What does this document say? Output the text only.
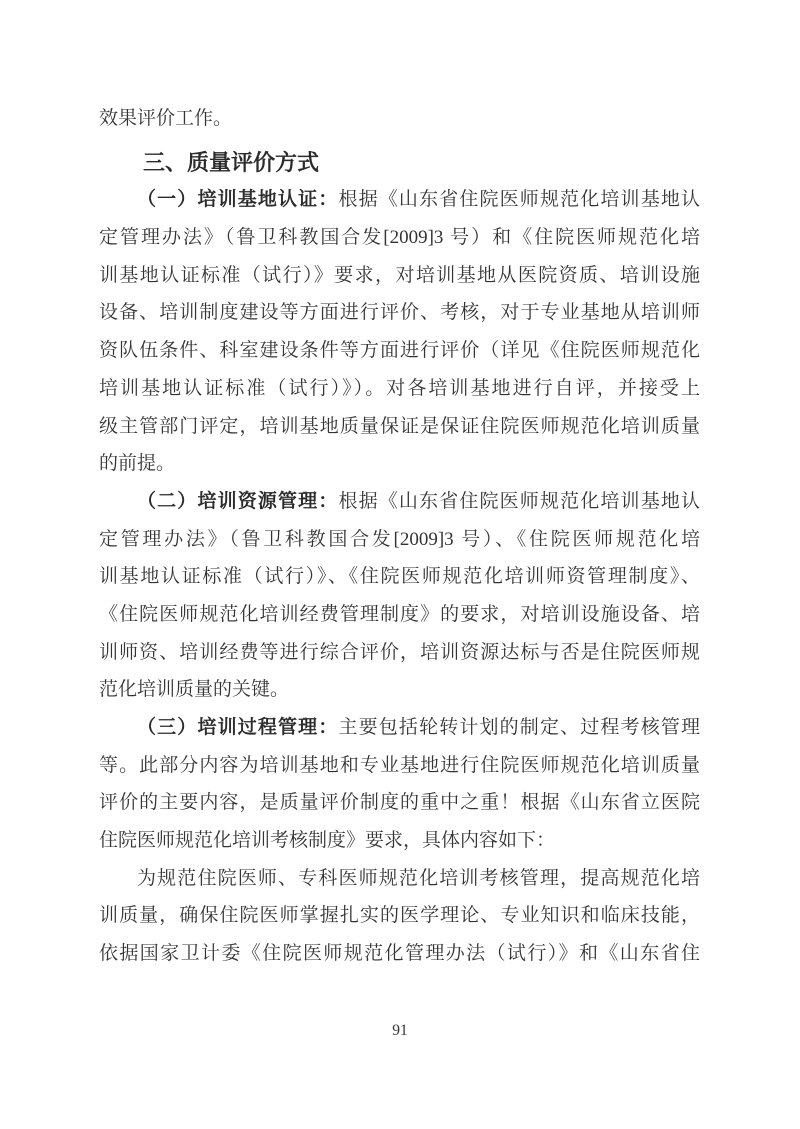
效果评价工作。
三、质量评价方式
（一）培训基地认证：根据《山东省住院医师规范化培训基地认
定管理办法》（鲁卫科教国合发[2009]3 号）和《住院医师规范化培
训基地认证标准（试行）》要求，对培训基地从医院资质、培训设施
设备、培训制度建设等方面进行评价、考核，对于专业基地从培训师
资队伍条件、科室建设条件等方面进行评价（详见《住院医师规范化
培训基地认证标准（试行）》）。对各培训基地进行自评，并接受上
级主管部门评定，培训基地质量保证是保证住院医师规范化培训质量
的前提。
（二）培训资源管理：根据《山东省住院医师规范化培训基地认
定管理办法》（鲁卫科教国合发[2009]3 号）、《住院医师规范化培
训基地认证标准（试行）》、《住院医师规范化培训师资管理制度》、
《住院医师规范化培训经费管理制度》的要求，对培训设施设备、培
训师资、培训经费等进行综合评价，培训资源达标与否是住院医师规
范化培训质量的关键。
（三）培训过程管理：主要包括轮转计划的制定、过程考核管理
等。此部分内容为培训基地和专业基地进行住院医师规范化培训质量
评价的主要内容，是质量评价制度的重中之重！根据《山东省立医院
住院医师规范化培训考核制度》要求，具体内容如下：
为规范住院医师、专科医师规范化培训考核管理，提高规范化培
训质量，确保住院医师掌握扎实的医学理论、专业知识和临床技能，
依据国家卫计委《住院医师规范化管理办法（试行）》和《山东省住
91
